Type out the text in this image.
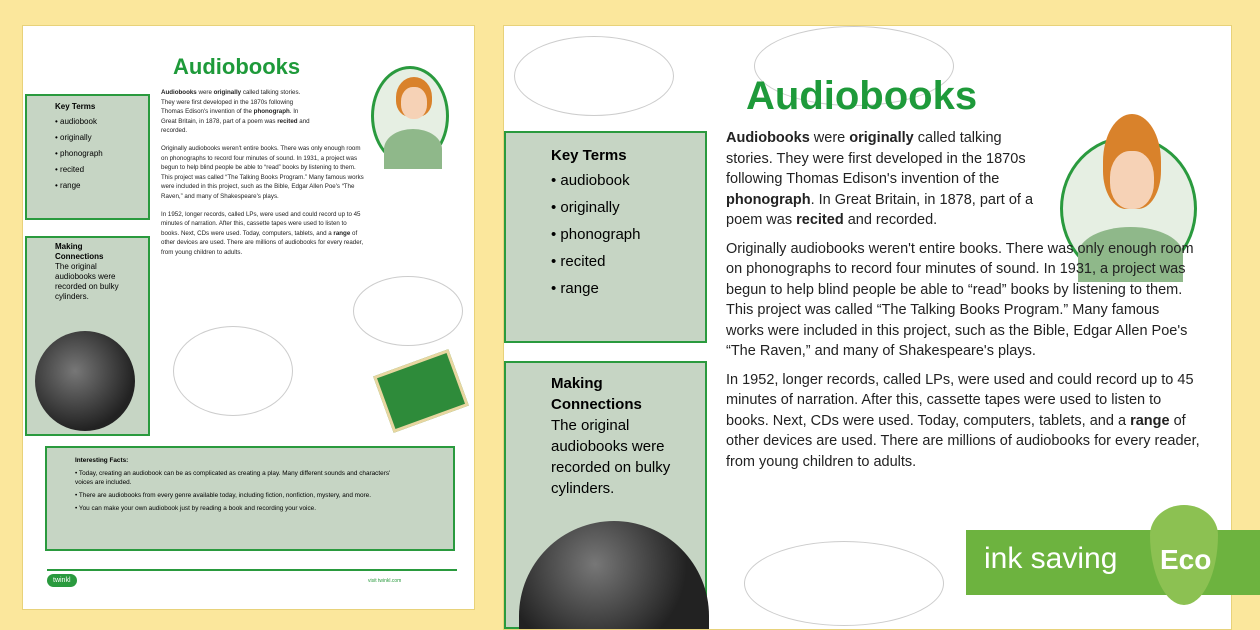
Audiobooks
Key Terms
• audiobook
• originally
• phonograph
• recited
• range
Making Connections
The original audiobooks were recorded on bulky cylinders.

Audiobooks were originally called talking stories. They were first developed in the 1870s following Thomas Edison's invention of the phonograph. In Great Britain, in 1878, part of a poem was recited and recorded.

Originally audiobooks weren't entire books. There was only enough room on phonographs to record four minutes of sound. In 1931, a project was begun to help blind people be able to “read” books by listening to them. This project was called “The Talking Books Program.” Many famous works were included in this project, such as the Bible, Edgar Allen Poe's “The Raven,” and many of Shakespeare's plays.

In 1952, longer records, called LPs, were used and could record up to 45 minutes of narration. After this, cassette tapes were used to listen to books. Next, CDs were used. Today, computers, tablets, and a range of other devices are used. There are millions of audiobooks for every reader, from young children to adults.

Interesting Facts:
• Today, creating an audiobook can be as complicated as creating a play. Many different sounds and characters' voices are included.
• There are audiobooks from every genre available today, including fiction, nonfiction, mystery, and more.
• You can make your own audiobook just by reading a book and recording your voice.
twinkl	visit twinkl.com
Audiobooks
Key Terms
• audiobook
• originally
• phonograph
• recited
• range
Making Connections
The original audiobooks were recorded on bulky cylinders.

Audiobooks were originally called talking stories. They were first developed in the 1870s following Thomas Edison's invention of the phonograph. In Great Britain, in 1878, part of a poem was recited and recorded.

Originally audiobooks weren't entire books. There was only enough room on phonographs to record four minutes of sound. In 1931, a project was begun to help blind people be able to “read” books by listening to them. This project was called “The Talking Books Program.” Many famous works were included in this project, such as the Bible, Edgar Allen Poe's “The Raven,” and many of Shakespeare's plays.

In 1952, longer records, called LPs, were used and could record up to 45 minutes of narration. After this, cassette tapes were used to listen to books. Next, CDs were used. Today, computers, tablets, and a range of other devices are used. There are millions of audiobooks for every reader, from young children to adults.

ink saving Eco
